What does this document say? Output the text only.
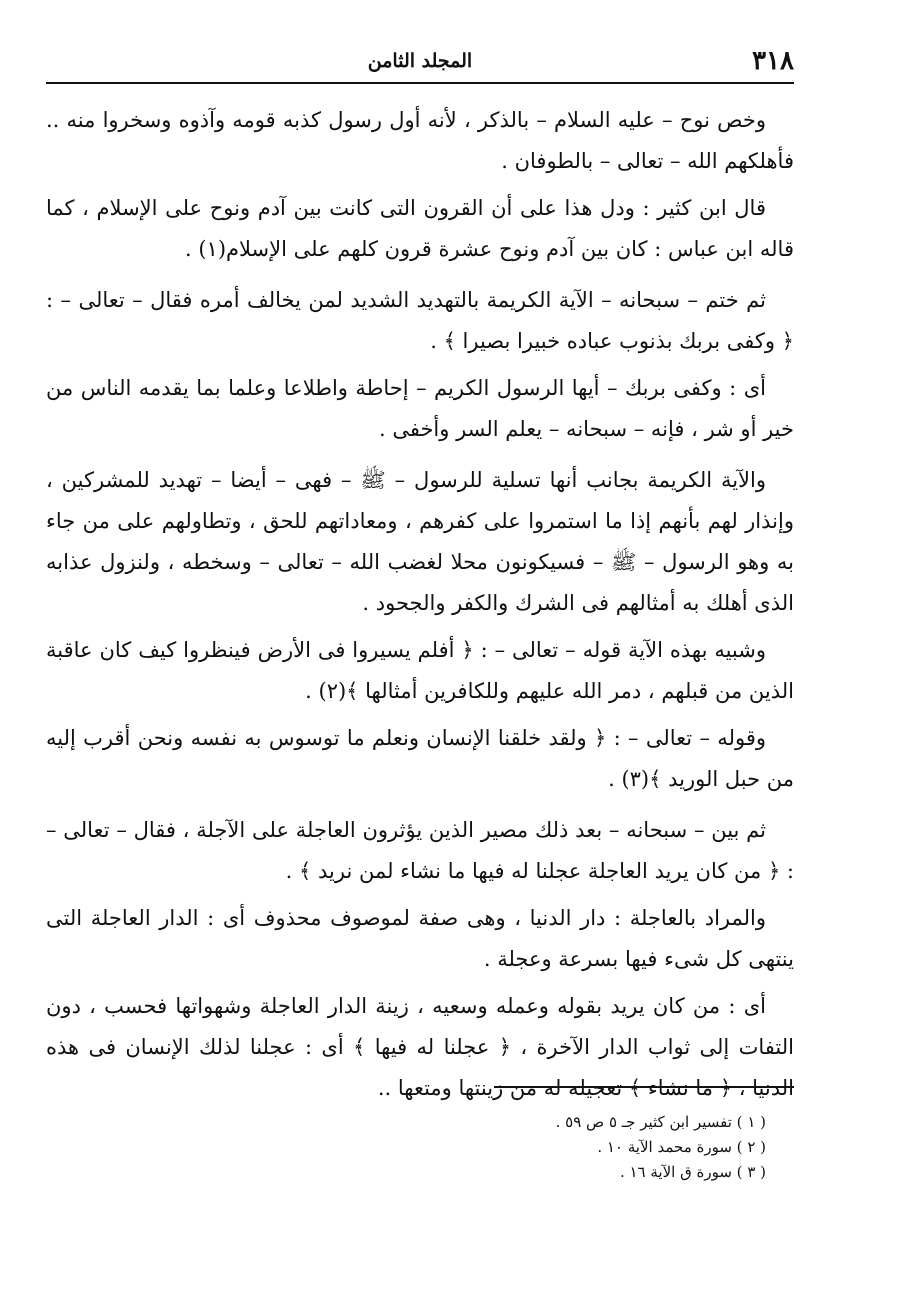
٣١٨
المجلد الثامن

وخص نوح – عليه السلام – بالذكر ، لأنه أول رسول كذبه قومه وآذوه وسخروا منه .. فأهلكهم الله – تعالى – بالطوفان .

قال ابن كثير : ودل هذا على أن القرون التى كانت بين آدم ونوح على الإسلام ، كما قاله ابن عباس : كان بين آدم ونوح عشرة قرون كلهم على الإسلام(١) .

ثم ختم – سبحانه – الآية الكريمة بالتهديد الشديد لمن يخالف أمره فقال – تعالى – : ﴿ وكفى بربك بذنوب عباده خبيرا بصيرا ﴾ .

أى : وكفى بربك – أيها الرسول الكريم – إحاطة واطلاعا وعلما بما يقدمه الناس من خير أو شر ، فإنه – سبحانه – يعلم السر وأخفى .

والآية الكريمة بجانب أنها تسلية للرسول – ﷺ – فهى – أيضا – تهديد للمشركين ، وإنذار لهم بأنهم إذا ما استمروا على كفرهم ، ومعاداتهم للحق ، وتطاولهم على من جاء به وهو الرسول – ﷺ – فسيكونون محلا لغضب الله – تعالى – وسخطه ، ولنزول عذابه الذى أهلك به أمثالهم فى الشرك والكفر والجحود .

وشبيه بهذه الآية قوله – تعالى – : ﴿ أفلم يسيروا فى الأرض فينظروا كيف كان عاقبة الذين من قبلهم ، دمر الله عليهم وللكافرين أمثالها ﴾(٢) .

وقوله – تعالى – : ﴿ ولقد خلقنا الإنسان ونعلم ما توسوس به نفسه ونحن أقرب إليه من حبل الوريد ﴾(٣) .

ثم بين – سبحانه – بعد ذلك مصير الذين يؤثرون العاجلة على الآجلة ، فقال – تعالى – : ﴿ من كان يريد العاجلة عجلنا له فيها ما نشاء لمن نريد ﴾ .

والمراد بالعاجلة : دار الدنيا ، وهى صفة لموصوف محذوف أى : الدار العاجلة التى ينتهى كل شىء فيها بسرعة وعجلة .

أى : من كان يريد بقوله وعمله وسعيه ، زينة الدار العاجلة وشهواتها فحسب ، دون التفات إلى ثواب الدار الآخرة ، ﴿ عجلنا له فيها ﴾ أى : عجلنا لذلك الإنسان فى هذه الدنيا ، ﴿ ما نشاء ﴾ تعجيله له من زينتها ومتعها ..

( ١ ) تفسير ابن كثير جـ ٥ ص ٥٩ .

( ٢ ) سورة محمد الآية ١٠ .

( ٣ ) سورة ق الآية ١٦ .
